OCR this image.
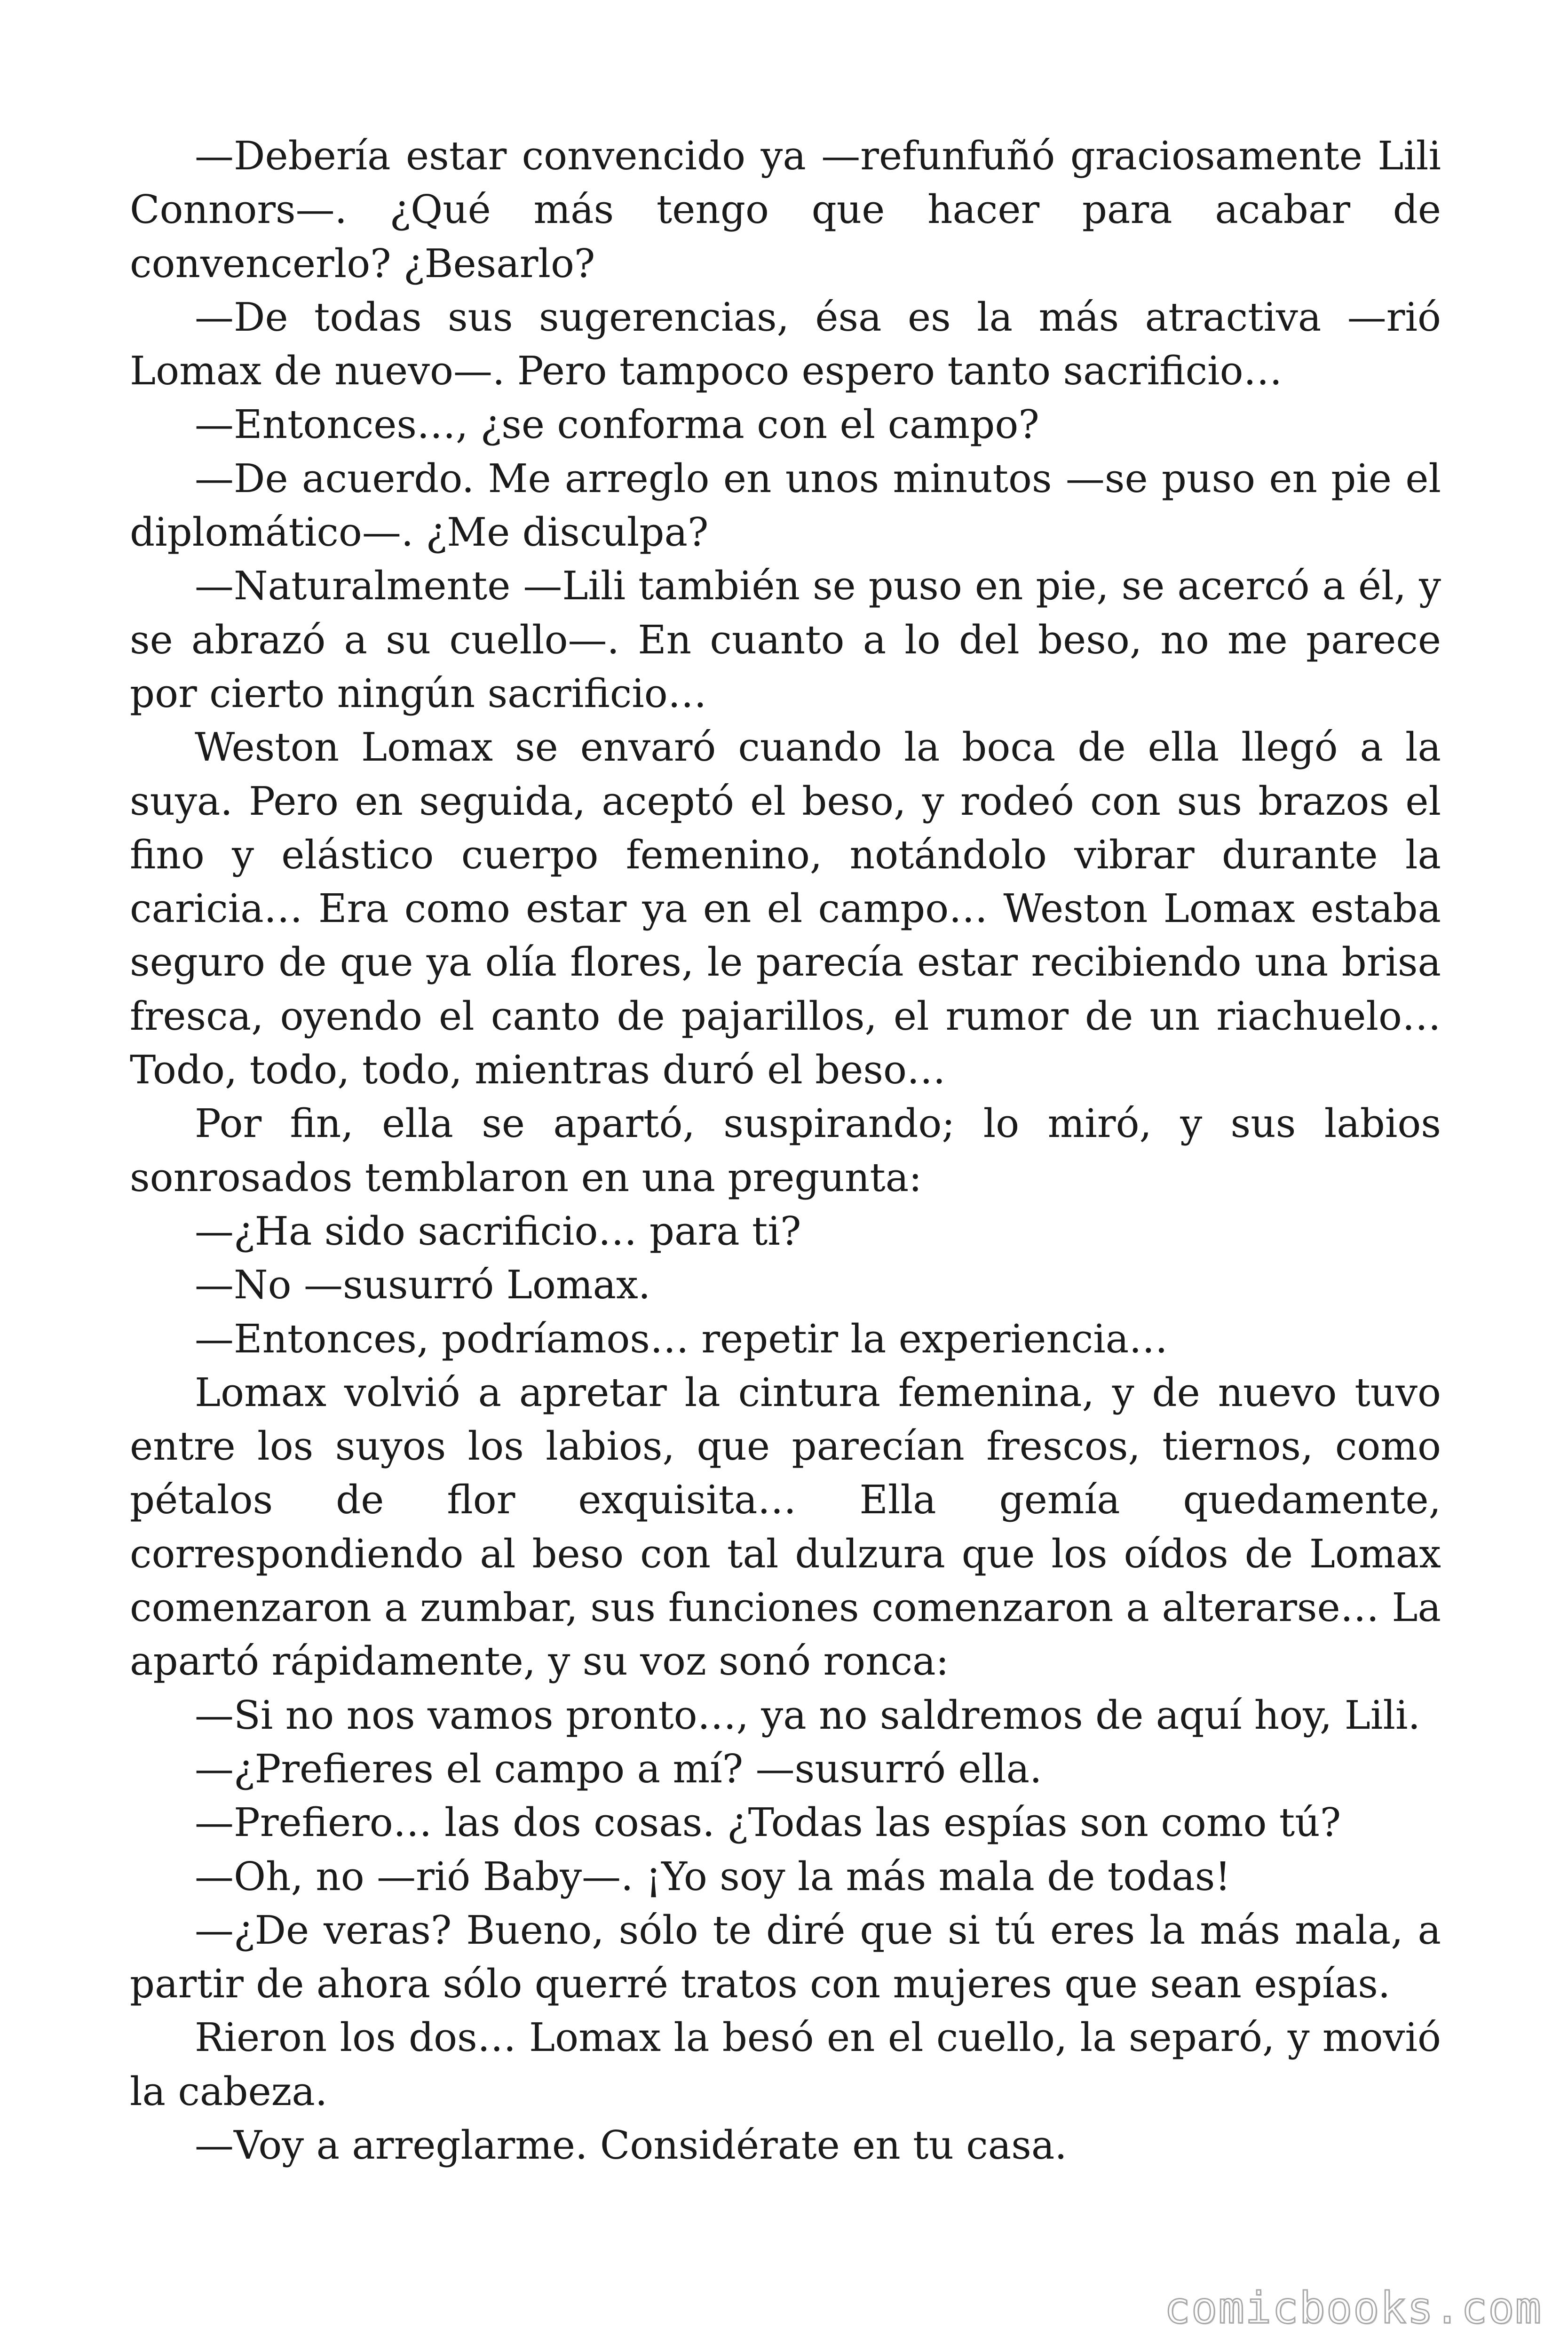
—Debería estar convencido ya —refunfuñó graciosamente Lili Connors—. ¿Qué más tengo que hacer para acabar de convencerlo? ¿Besarlo?

—De todas sus sugerencias, ésa es la más atractiva —rió Lomax de nuevo—. Pero tampoco espero tanto sacrificio…

—Entonces…, ¿se conforma con el campo?

—De acuerdo. Me arreglo en unos minutos —se puso en pie el diplomático—. ¿Me disculpa?

—Naturalmente —Lili también se puso en pie, se acercó a él, y se abrazó a su cuello—. En cuanto a lo del beso, no me parece por cierto ningún sacrificio…

Weston Lomax se envaró cuando la boca de ella llegó a la suya. Pero en seguida, aceptó el beso, y rodeó con sus brazos el fino y elástico cuerpo femenino, notándolo vibrar durante la caricia… Era como estar ya en el campo… Weston Lomax estaba seguro de que ya olía flores, le parecía estar recibiendo una brisa fresca, oyendo el canto de pajarillos, el rumor de un riachuelo… Todo, todo, todo, mientras duró el beso…

Por fin, ella se apartó, suspirando; lo miró, y sus labios sonrosados temblaron en una pregunta:

—¿Ha sido sacrificio… para ti?

—No —susurró Lomax.

—Entonces, podríamos… repetir la experiencia…

Lomax volvió a apretar la cintura femenina, y de nuevo tuvo entre los suyos los labios, que parecían frescos, tiernos, como pétalos de flor exquisita… Ella gemía quedamente, correspondiendo al beso con tal dulzura que los oídos de Lomax comenzaron a zumbar, sus funciones comenzaron a alterarse… La apartó rápidamente, y su voz sonó ronca:

—Si no nos vamos pronto…, ya no saldremos de aquí hoy, Lili.

—¿Prefieres el campo a mí? —susurró ella.

—Prefiero… las dos cosas. ¿Todas las espías son como tú?

—Oh, no —rió Baby—. ¡Yo soy la más mala de todas!

—¿De veras? Bueno, sólo te diré que si tú eres la más mala, a partir de ahora sólo querré tratos con mujeres que sean espías.

Rieron los dos… Lomax la besó en el cuello, la separó, y movió la cabeza.

—Voy a arreglarme. Considérate en tu casa.

comicbooks.com
